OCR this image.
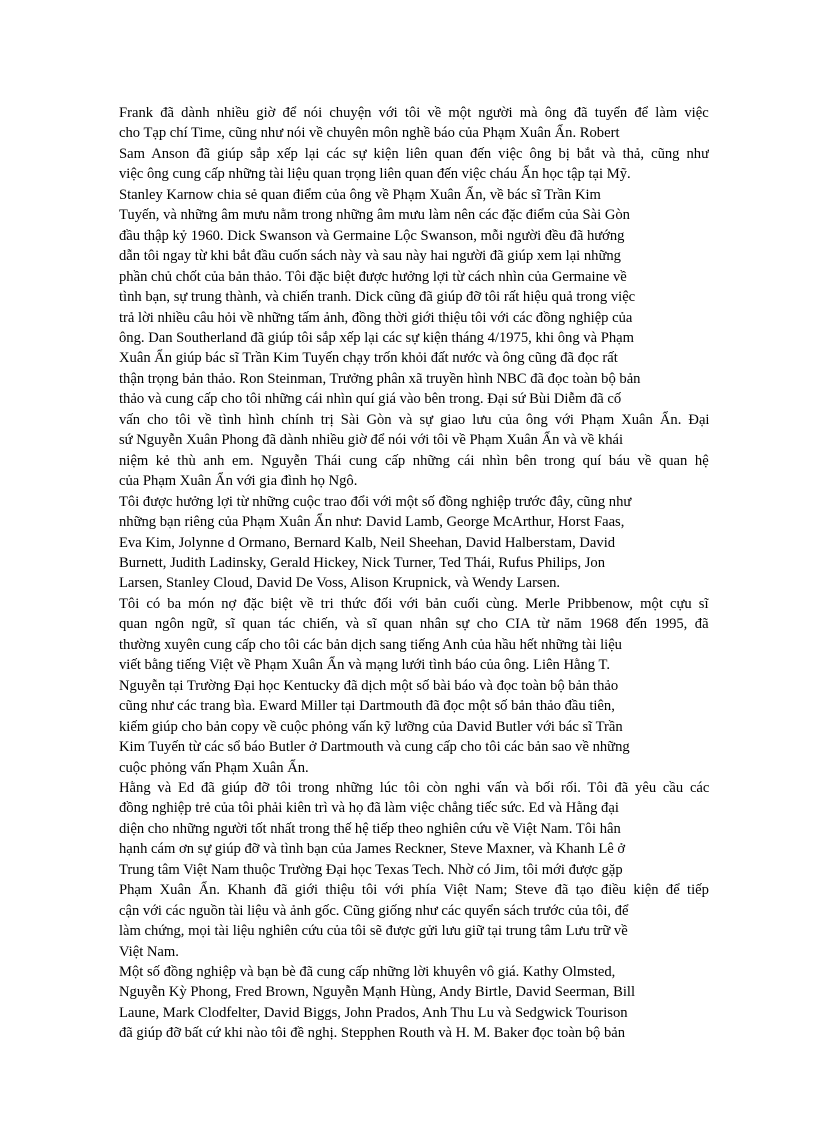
Frank đã dành nhiều giờ để nói chuyện với tôi về một người mà ông đã tuyển để làm việc
cho Tạp chí Time, cũng như nói về chuyên môn nghề báo của Phạm Xuân Ẩn. Robert
Sam Anson đã giúp sắp xếp lại các sự kiện liên quan đến việc ông bị bắt và thả, cũng như
việc ông cung cấp những tài liệu quan trọng liên quan đến việc cháu Ẩn học tập tại Mỹ.
Stanley Karnow chia sẻ quan điểm của ông về Phạm Xuân Ẩn, về bác sĩ Trần Kim
Tuyến, và những âm mưu nằm trong những âm mưu làm nên các đặc điểm của Sài Gòn
đầu thập kỷ 1960. Dick Swanson và Germaine Lộc Swanson, mỗi người đều đã hướng
dẫn tôi ngay từ khi bắt đầu cuốn sách này và sau này hai người đã giúp xem lại những
phần chủ chốt của bản thảo. Tôi đặc biệt được hưởng lợi từ cách nhìn của Germaine về
tình bạn, sự trung thành, và chiến tranh. Dick cũng đã giúp đỡ tôi rất hiệu quả trong việc
trả lời nhiều câu hỏi về những tấm ảnh, đồng thời giới thiệu tôi với các đồng nghiệp của
ông. Dan Southerland đã giúp tôi sắp xếp lại các sự kiện tháng 4/1975, khi ông và Phạm
Xuân Ẩn giúp bác sĩ Trần Kim Tuyến chạy trốn khỏi đất nước và ông cũng đã đọc rất
thận trọng bản thảo. Ron Steinman, Trưởng phân xã truyền hình NBC đã đọc toàn bộ bản
thảo và cung cấp cho tôi những cái nhìn quí giá vào bên trong. Đại sứ Bùi Diễm đã cố
vấn cho tôi về tình hình chính trị Sài Gòn và sự giao lưu của ông với Phạm Xuân Ẩn. Đại
sứ Nguyễn Xuân Phong đã dành nhiều giờ để nói với tôi về Phạm Xuân Ẩn và về khái
niệm kẻ thù anh em. Nguyễn Thái cung cấp những cái nhìn bên trong quí báu về quan hệ
của Phạm Xuân Ẩn với gia đình họ Ngô.
Tôi được hưởng lợi từ những cuộc trao đổi với một số đồng nghiệp trước đây, cũng như
những bạn riêng của Phạm Xuân Ẩn như: David Lamb, George McArthur, Horst Faas,
Eva Kim, Jolynne d Ormano, Bernard Kalb, Neil Sheehan, David Halberstam, David
Burnett, Judith Ladinsky, Gerald Hickey, Nick Turner, Ted Thái, Rufus Philips, Jon
Larsen, Stanley Cloud, David De Voss, Alison Krupnick, và Wendy Larsen.
Tôi có ba món nợ đặc biệt về tri thức đối với bản cuối cùng. Merle Pribbenow, một cựu sĩ
quan ngôn ngữ, sĩ quan tác chiến, và sĩ quan nhân sự cho CIA từ năm 1968 đến 1995, đã
thường xuyên cung cấp cho tôi các bản dịch sang tiếng Anh của hầu hết những tài liệu
viết bằng tiếng Việt về Phạm Xuân Ẩn và mạng lưới tình báo của ông. Liên Hằng T.
Nguyễn tại Trường Đại học Kentucky đã dịch một số bài báo và đọc toàn bộ bản thảo
cũng như các trang bìa. Eward Miller tại Dartmouth đã đọc một số bản thảo đầu tiên,
kiếm giúp cho bản copy về cuộc phỏng vấn kỹ lưỡng của David Butler với bác sĩ Trần
Kim Tuyến từ các sổ báo Butler ở Dartmouth và cung cấp cho tôi các bản sao về những
cuộc phỏng vấn Phạm Xuân Ẩn.
Hằng và Ed đã giúp đỡ tôi trong những lúc tôi còn nghi vấn và bối rối. Tôi đã yêu cầu các
đồng nghiệp trẻ của tôi phải kiên trì và họ đã làm việc chẳng tiếc sức. Ed và Hằng đại
diện cho những người tốt nhất trong thế hệ tiếp theo nghiên cứu về Việt Nam. Tôi hân
hạnh cám ơn sự giúp đỡ và tình bạn của James Reckner, Steve Maxner, và Khanh Lê ở
Trung tâm Việt Nam thuộc Trường Đại học Texas Tech. Nhờ có Jim, tôi mới được gặp
Phạm Xuân Ẩn. Khanh đã giới thiệu tôi với phía Việt Nam; Steve đã tạo điều kiện để tiếp
cận với các nguồn tài liệu và ảnh gốc. Cũng giống như các quyển sách trước của tôi, để
làm chứng, mọi tài liệu nghiên cứu của tôi sẽ được gửi lưu giữ tại trung tâm Lưu trữ về
Việt Nam.
Một số đồng nghiệp và bạn bè đã cung cấp những lời khuyên vô giá. Kathy Olmsted,
Nguyễn Kỳ Phong, Fred Brown, Nguyễn Mạnh Hùng, Andy Birtle, David Seerman, Bill
Laune, Mark Clodfelter, David Biggs, John Prados, Anh Thu Lu và Sedgwick Tourison
đã giúp đỡ bất cứ khi nào tôi đề nghị. Stepphen Routh và H. M. Baker đọc toàn bộ bản
